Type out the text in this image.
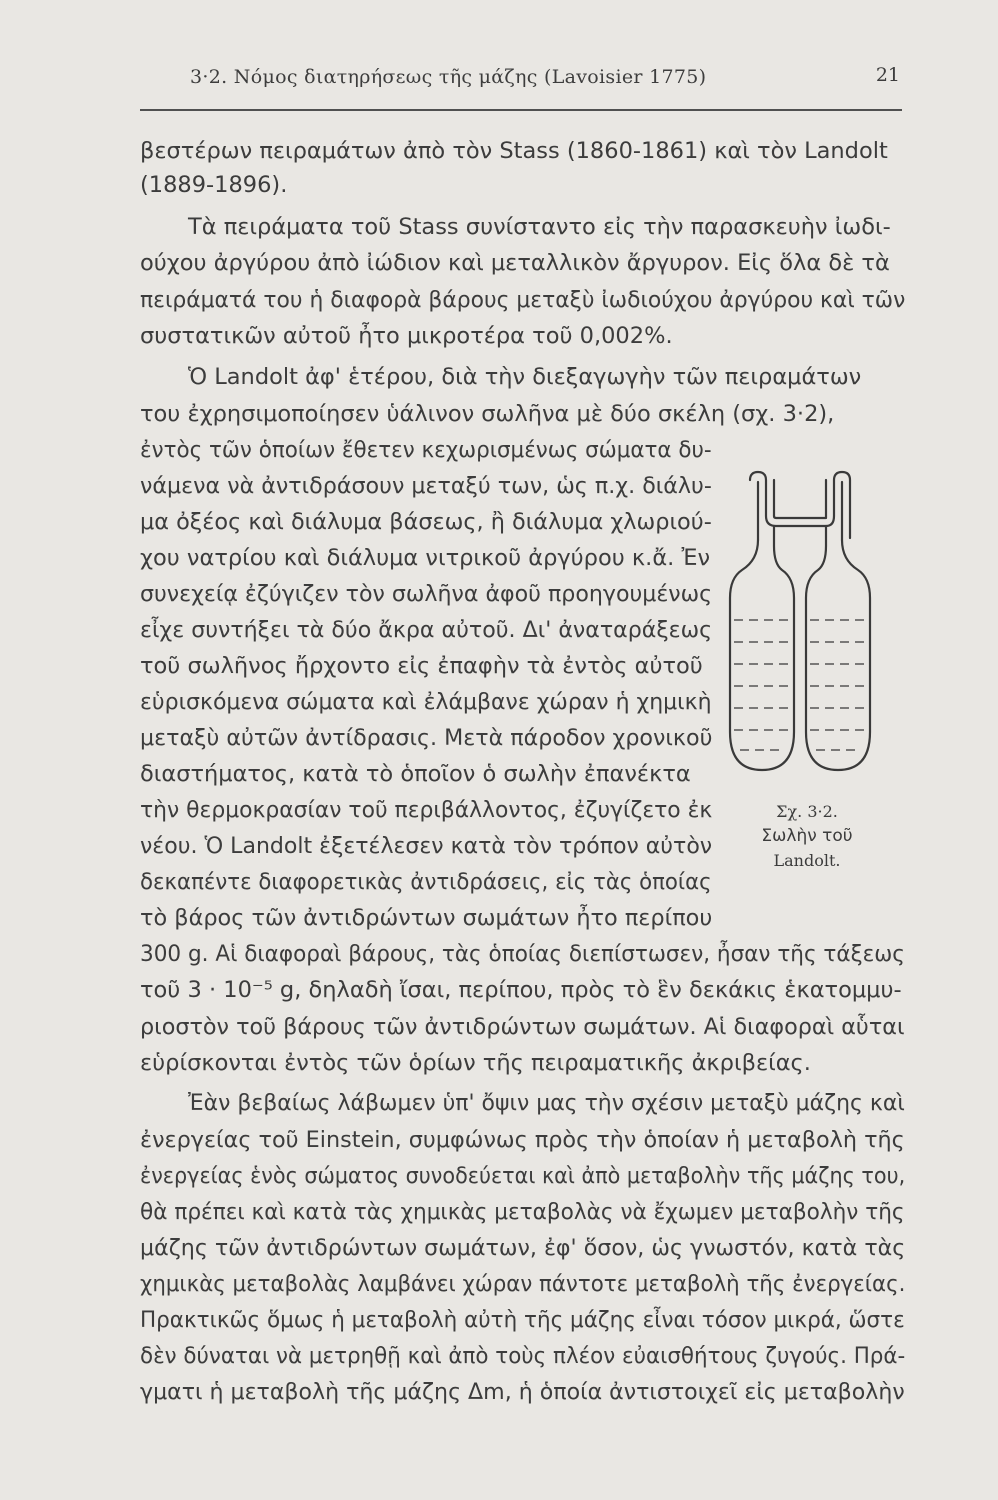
3·2. Νόμος διατηρήσεως τῆς μάζης (Lavoisier 1775)	21
βεστέρων πειραμάτων ἀπὸ τὸν Stass (1860-1861) καὶ τὸν Landolt
(1889-1896).
Τὰ πειράματα τοῦ Stass συνίσταντο εἰς τὴν παρασκευὴν ἰωδι-
ούχου ἀργύρου ἀπὸ ἰώδιον καὶ μεταλλικὸν ἄργυρον. Εἰς ὅλα δὲ τὰ
πειράματά του ἡ διαφορὰ βάρους μεταξὺ ἰωδιούχου ἀργύρου καὶ τῶν
συστατικῶν αὐτοῦ ἦτο μικροτέρα τοῦ 0,002%.
Ὁ Landolt ἀφ' ἑτέρου, διὰ τὴν διεξαγωγὴν τῶν πειραμάτων
του ἐχρησιμοποίησεν ὑάλινον σωλῆνα μὲ δύο σκέλη (σχ. 3·2),
ἐντὸς τῶν ὁποίων ἔθετεν κεχωρισμένως σώματα δυ-
νάμενα νὰ ἀντιδράσουν μεταξύ των, ὡς π.χ. διάλυ-
μα ὀξέος καὶ διάλυμα βάσεως, ἢ διάλυμα χλωριού-
χου νατρίου καὶ διάλυμα νιτρικοῦ ἀργύρου κ.ἄ. Ἐν
συνεχείᾳ ἐζύγιζεν τὸν σωλῆνα ἀφοῦ προηγουμένως
εἶχε συντήξει τὰ δύο ἄκρα αὐτοῦ. Δι' ἀναταράξεως
τοῦ σωλῆνος ἤρχοντο εἰς ἐπαφὴν τὰ ἐντὸς αὐτοῦ
εὑρισκόμενα σώματα καὶ ἐλάμβανε χώραν ἡ χημικὴ
μεταξὺ αὐτῶν ἀντίδρασις. Μετὰ πάροδον χρονικοῦ
διαστήματος, κατὰ τὸ ὁποῖον ὁ σωλὴν ἐπανέκτα
τὴν θερμοκρασίαν τοῦ περιβάλλοντος, ἐζυγίζετο ἐκ
νέου. Ὁ Landolt ἐξετέλεσεν κατὰ τὸν τρόπον αὐτὸν
δεκαπέντε διαφορετικὰς ἀντιδράσεις, εἰς τὰς ὁποίας
τὸ βάρος τῶν ἀντιδρώντων σωμάτων ἦτο περίπου
300 g. Αἱ διαφοραὶ βάρους, τὰς ὁποίας διεπίστωσεν, ἦσαν τῆς τάξεως
τοῦ 3 · 10⁻⁵ g, δηλαδὴ ἴσαι, περίπου, πρὸς τὸ ἓν δεκάκις ἑκατομμυ-
ριοστὸν τοῦ βάρους τῶν ἀντιδρώντων σωμάτων. Αἱ διαφοραὶ αὗται
εὑρίσκονται ἐντὸς τῶν ὁρίων τῆς πειραματικῆς ἀκριβείας.
Ἐὰν βεβαίως λάβωμεν ὑπ' ὄψιν μας τὴν σχέσιν μεταξὺ μάζης καὶ
ἐνεργείας τοῦ Einstein, συμφώνως πρὸς τὴν ὁποίαν ἡ μεταβολὴ τῆς
ἐνεργείας ἑνὸς σώματος συνοδεύεται καὶ ἀπὸ μεταβολὴν τῆς μάζης του,
θὰ πρέπει καὶ κατὰ τὰς χημικὰς μεταβολὰς νὰ ἔχωμεν μεταβολὴν τῆς
μάζης τῶν ἀντιδρώντων σωμάτων, ἐφ' ὅσον, ὡς γνωστόν, κατὰ τὰς
χημικὰς μεταβολὰς λαμβάνει χώραν πάντοτε μεταβολὴ τῆς ἐνεργείας.
Πρακτικῶς ὅμως ἡ μεταβολὴ αὐτὴ τῆς μάζης εἶναι τόσον μικρά, ὥστε
δὲν δύναται νὰ μετρηθῇ καὶ ἀπὸ τοὺς πλέον εὐαισθήτους ζυγούς. Πρά-
γματι ἡ μεταβολὴ τῆς μάζης Δm, ἡ ὁποία ἀντιστοιχεῖ εἰς μεταβολὴν
Σχ. 3·2.
Σωλὴν τοῦ
Landolt.
